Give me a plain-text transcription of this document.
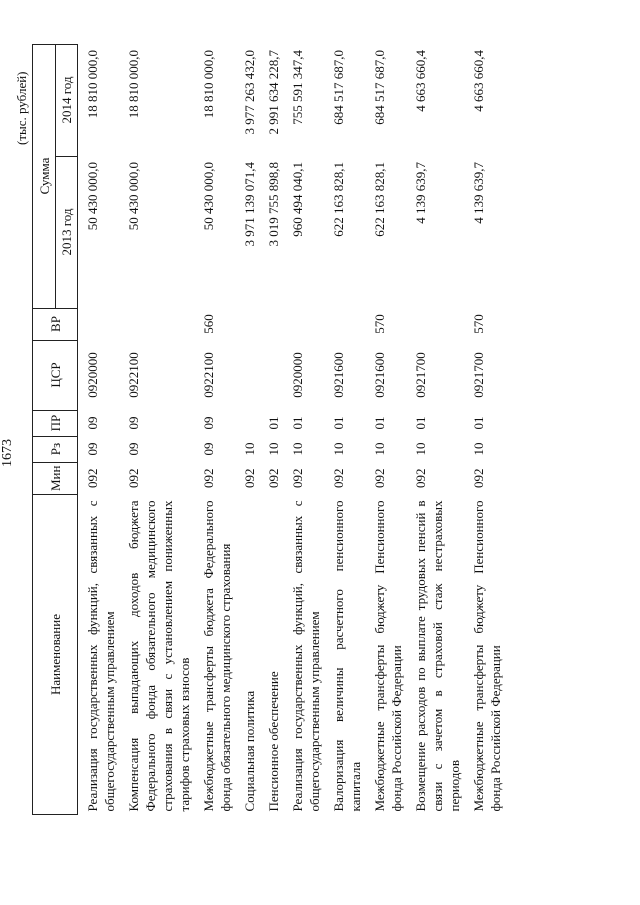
1673
(тыс. рублей)
Наименование	Мин	Рз	ПР	ЦСР	ВР	Сумма	
						2013 год	2014 год
Реализация государственных функций, связанных с общегосударственным управлением	092	09	09	0920000		50 430 000,0	18 810 000,0
Компенсация выпадающих доходов бюджета Федерального фонда обязательного медицинского страхования в связи с установлением пониженных тарифов страховых взносов	092	09	09	0922100		50 430 000,0	18 810 000,0
Межбюджетные трансферты бюджета Федерального фонда обязательного медицинского страхования	092	09	09	0922100	560	50 430 000,0	18 810 000,0
Социальная политика	092	10				3 971 139 071,4	3 977 263 432,0
Пенсионное обеспечение	092	10	01			3 019 755 898,8	2 991 634 228,7
Реализация государственных функций, связанных с общегосударственным управлением	092	10	01	0920000		960 494 040,1	755 591 347,4
Валоризация величины расчетного пенсионного капитала	092	10	01	0921600		622 163 828,1	684 517 687,0
Межбюджетные трансферты бюджету Пенсионного фонда Российской Федерации	092	10	01	0921600	570	622 163 828,1	684 517 687,0
Возмещение расходов по выплате трудовых пенсий в связи с зачетом в страховой стаж нестраховых периодов	092	10	01	0921700		4 139 639,7	4 663 660,4
Межбюджетные трансферты бюджету Пенсионного фонда Российской Федерации	092	10	01	0921700	570	4 139 639,7	4 663 660,4
